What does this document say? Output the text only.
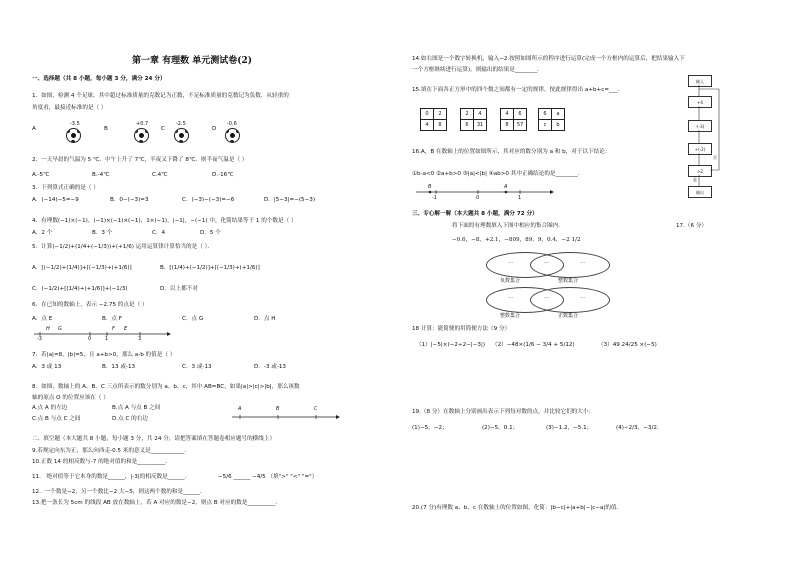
第一章 有理数 单元测试卷(2)
一、选择题（共 8 小题，每小题 3 分，满分 24 分）
1．如图，检测 4 个足球，其中超过标准质量的克数记为正数，不足标准质量的克数记为负数．从轻重的
角度看，最接近标准的是（ ）
A
-3.5
B
+0.7
C
-2.5
D
-0.6
2．一天早晨的气温为 5 ℃，中午上升了 7℃，半夜又下降了 8℃，则半夜气温是（ ）
A.-5℃	B.-4℃	C.4℃	D.-16℃
3．下列算式正确的是（ ）
A．(−14)−5=−9	B．0−(−3)=3	C．(−3)−(−3)=−6	D．|5−3|=−(5−3)
4．有理数(−1)×(−1)，(−1)×(−1)×(−1)，1×(−1)，|−1|，−(−1) 中，化简结果等于 1 的个数是（ ）
A．2 个	B．3 个	C．4	D．5 个
5．计算(−1/2)+(1/4+(−1/3))+(+1/6) 运用运算律计算恰当的是（ ）．
A．[(−1/2)+(1/4)]+[(−1/3)+(+1/6)]	B．[(1/4)+(−1/2)]+[(−1/3)+(+1/6)]
C．(−1/2)+[(1/4)+(+1/6)]+(−1/3)	D．以上都不对
6．在已知的数轴上，表示 −2.75 的点是（ ）
A．点 E	B．点 F	C．点 G	D．点 H
-3	0	1	3
H G	F E
7．若|a|=8，|b|=5，且 a+b>0，那么 a-b 的值是（ ）
A．3 或 13	B．13 或-13	C．3 或-13	D．-3 或-13
8．如图，数轴上的 A、B、C 三点所表示的数分别为 a、b、c，其中 AB=BC，如果|a|>|c|>|b|，那么该数
轴的原点 O 的位置应该在（ ）
A.点 A 的左边	B.点 A 与点 B 之间
C.点 B 与点 C 之间	D.点 C 的右边
A	B	C
二、填空题（本大题共 8 小题，每小题 3 分，共 24 分，请把答案填在答题卷相应题号的横线上）
9.若规定向东为正，那么向西走-0.5 米的意义是____________．
10.正数 14 的相反数与-7 的绝对值的和是__________．
11． 绝对值等于它本身的数是______，|-3|的相反数是______．	−5/6 ______ −4/5 （填">" "<" "="）
12．一个数是−2，另一个数比−2 大−5，则这两个数的和是______．
13.把一条长为 5cm 的线段 AB 放在数轴上，若 A 对应的数是−2，则点 B 对应的数是__________．
14.如右图是一个数字转换机，输入−2.按照如图所示的程序进行运算(完成一个方框内的运算后，把结果输入下
一个方框继续进行运算)，则输出的结果是________．
15.填在下面各正方形中的四个数之间都有一定的规律，按此规律得出 a+b+c=___．
0	2
4	8
2	4
6	31
4	6
8	57
6	a
c	b
16.A，B 在数轴上的位置如图所示，其对应的数分别为 a 和 b，对于以下结论：
①b-a<0 ②a+b>0 ③|a|<|b| ④ab>0 其中正确结论的是________．
B	A
-1	0	1
三、专心解一解（本大题共 8 小题，满分 72 分）
将下面的有理数填入下图中相应的集合圈内．	17.（6 分）
−0.6，−8，+2.1，−809，89，9，0.4，−2 1/2
…	…	…
负数集合	整数集合
…	…	…
整数集合	正数集合
18 计算：能简便的用简便方法（9 分）
（1）|−5|×(−2÷2−|−3|) （2）−48×(1/6 − 3/4 + 5/12)	（3）49 24/25 ×(−5)
19.（8 分）在数轴上分别画出表示下列每对数的点，并比较它们的大小：
(1)−5，−2；	(2)−5，0.1；	(3)−1.2，−5.1；	(4)−2/3，−3/2．
20.(7 分)有理数 a、b、c 在数轴上的位置如图，化简：|b−c|+|a+b|−|c−a|的值．
输入
+4
-(-3)
÷(-2)
>2
输出
否
是
